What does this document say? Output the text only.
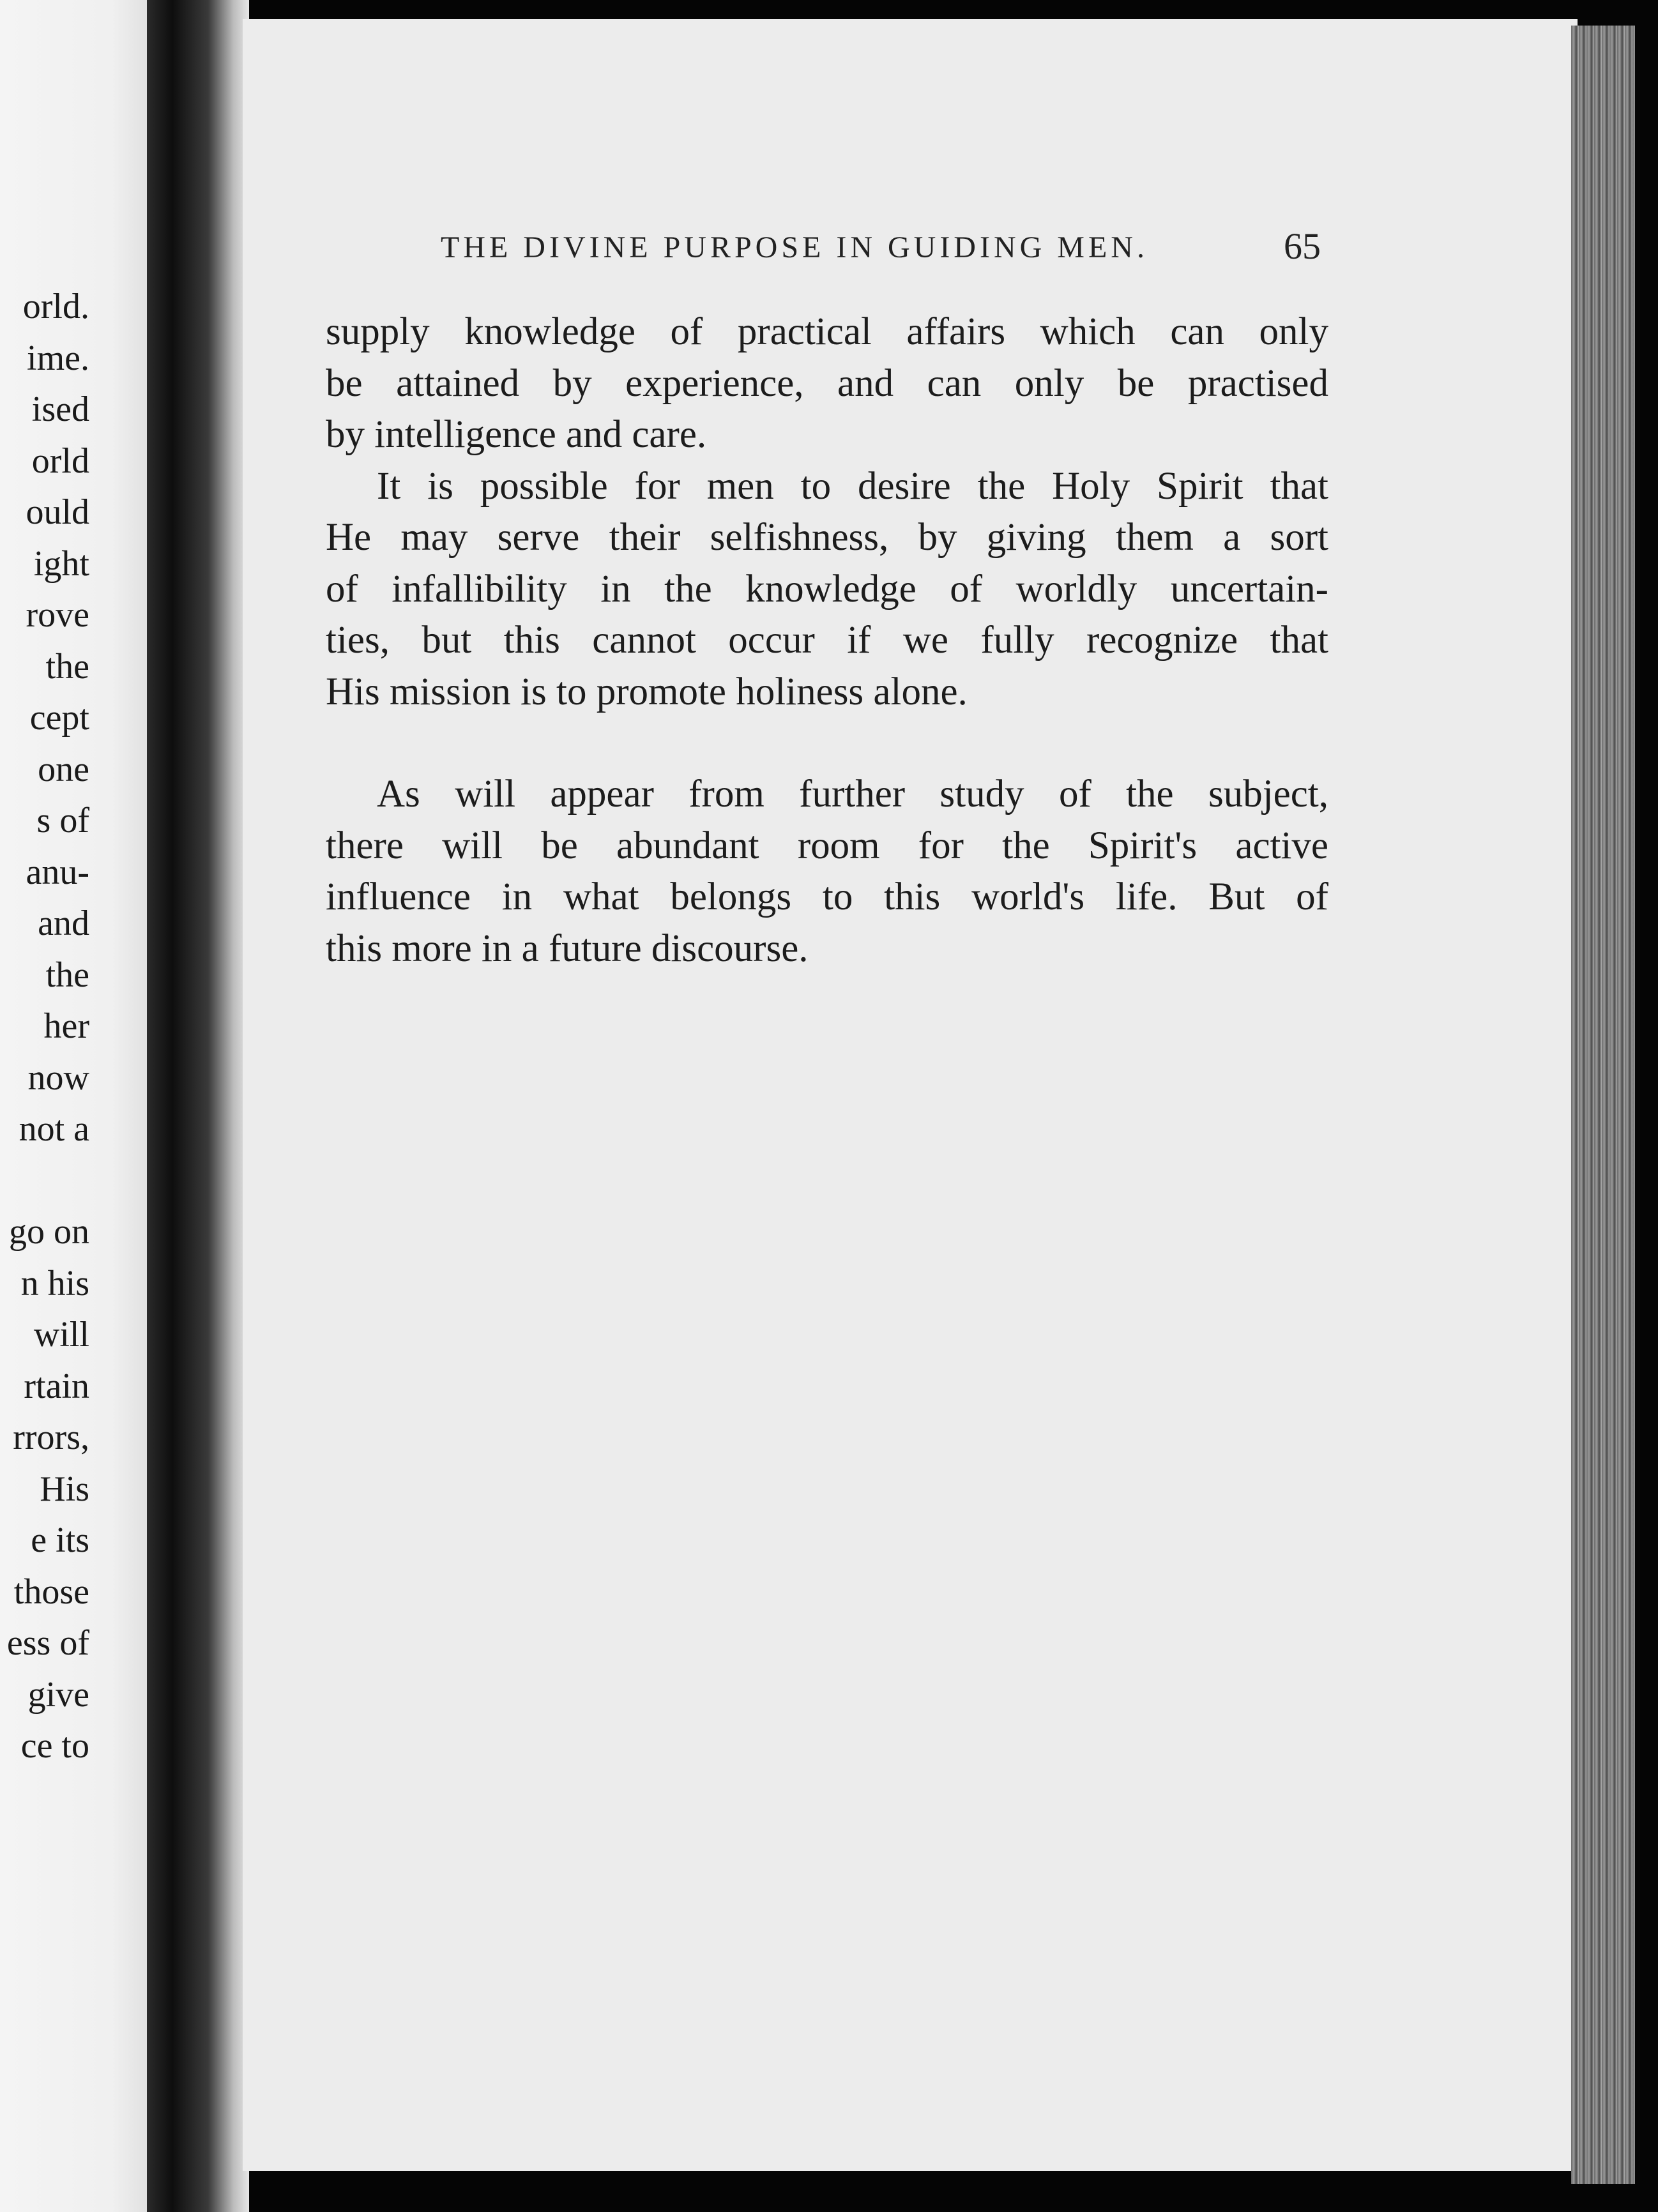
orld.
ime.
ised
orld
ould
ight
rove
the
cept
one
s of
anu-
and
the
her
now
not a
go on
n his
will
rtain
rrors,
His
e its
those
ess of
give
ce to
THE DIVINE PURPOSE IN GUIDING MEN.	65
supply knowledge of practical affairs which can only
be attained by experience, and can only be practised
by intelligence and care.
It is possible for men to desire the Holy Spirit that
He may serve their selfishness, by giving them a sort
of infallibility in the knowledge of worldly uncertain-
ties, but this cannot occur if we fully recognize that
His mission is to promote holiness alone.
As will appear from further study of the subject,
there will be abundant room for the Spirit's active
influence in what belongs to this world's life. But of
this more in a future discourse.
